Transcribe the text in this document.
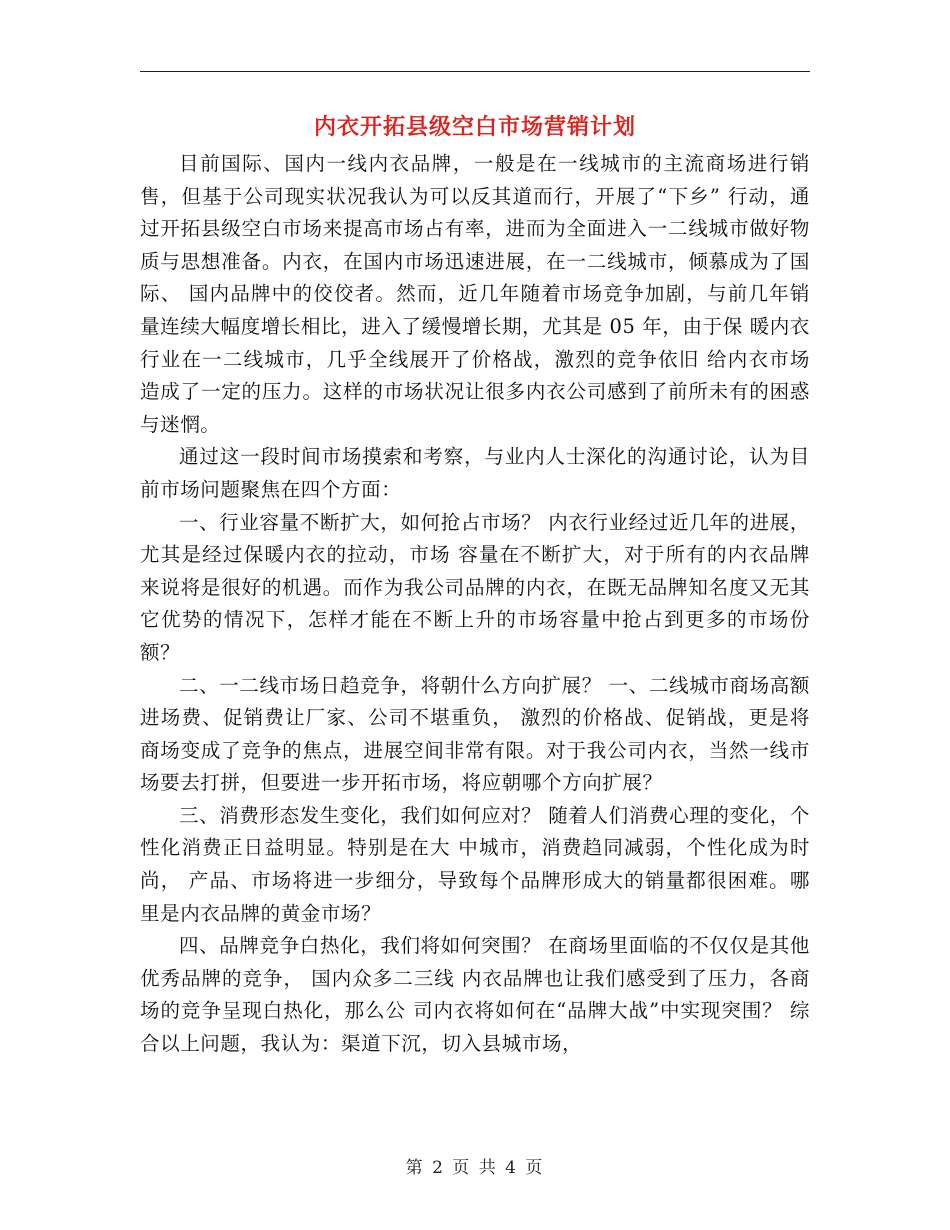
内衣开拓县级空白市场营销计划

目前国际、国内一线内衣品牌，一般是在一线城市的主流商场进行销售，但基于公司现实状况我认为可以反其道而行，开展了“下乡” 行动，通过开拓县级空白市场来提高市场占有率，进而为全面进入一二线城市做好物质与思想准备。内衣，在国内市场迅速进展，在一二线城市，倾慕成为了国际、 国内品牌中的佼佼者。然而，近几年随着市场竞争加剧，与前几年销 量连续大幅度增长相比，进入了缓慢增长期，尤其是 05 年，由于保 暖内衣行业在一二线城市，几乎全线展开了价格战，激烈的竞争依旧 给内衣市场造成了一定的压力。这样的市场状况让很多内衣公司感到了前所未有的困惑与迷惘。

通过这一段时间市场摸索和考察，与业内人士深化的沟通讨论，认为目前市场问题聚焦在四个方面：

一、行业容量不断扩大，如何抢占市场？ 内衣行业经过近几年的进展，尤其是经过保暖内衣的拉动，市场 容量在不断扩大，对于所有的内衣品牌来说将是很好的机遇。而作为我公司品牌的内衣，在既无品牌知名度又无其它优势的情况下，怎样才能在不断上升的市场容量中抢占到更多的市场份额？

二、一二线市场日趋竞争，将朝什么方向扩展？ 一、二线城市商场高额进场费、促销费让厂家、公司不堪重负， 激烈的价格战、促销战，更是将商场变成了竞争的焦点，进展空间非常有限。对于我公司内衣，当然一线市场要去打拼，但要进一步开拓市场，将应朝哪个方向扩展？

三、消费形态发生变化，我们如何应对？ 随着人们消费心理的变化，个性化消费正日益明显。特别是在大 中城市，消费趋同减弱，个性化成为时尚， 产品、市场将进一步细分，导致每个品牌形成大的销量都很困难。哪里是内衣品牌的黄金市场？

四、品牌竞争白热化，我们将如何突围？ 在商场里面临的不仅仅是其他优秀品牌的竞争， 国内众多二三线 内衣品牌也让我们感受到了压力，各商场的竞争呈现白热化，那么公 司内衣将如何在“品牌大战”中实现突围？ 综合以上问题，我认为：渠道下沉，切入县城市场，

第 2 页 共 4 页
